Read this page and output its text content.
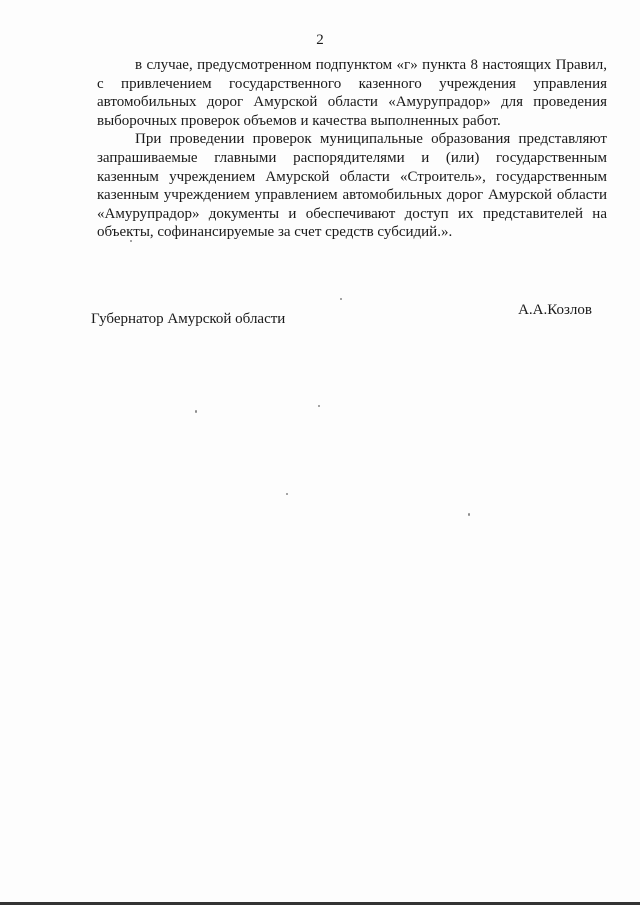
2

в случае, предусмотренном подпунктом «г» пункта 8 настоящих Правил,
с привлечением государственного казенного учреждения управления
автомобильных дорог Амурской области «Амурупрадор» для проведения
выборочных проверок объемов и качества выполненных работ.

При проведении проверок муниципальные образования представляют
запрашиваемые главными распорядителями и (или) государственным
казенным учреждением Амурской области «Строитель», государственным
казенным учреждением управлением автомобильных дорог Амурской области
«Амурупрадор» документы и обеспечивают доступ их представителей на
объекты, софинансируемые за счет средств субсидий.».

Губернатор Амурской области
А.А.Козлов
